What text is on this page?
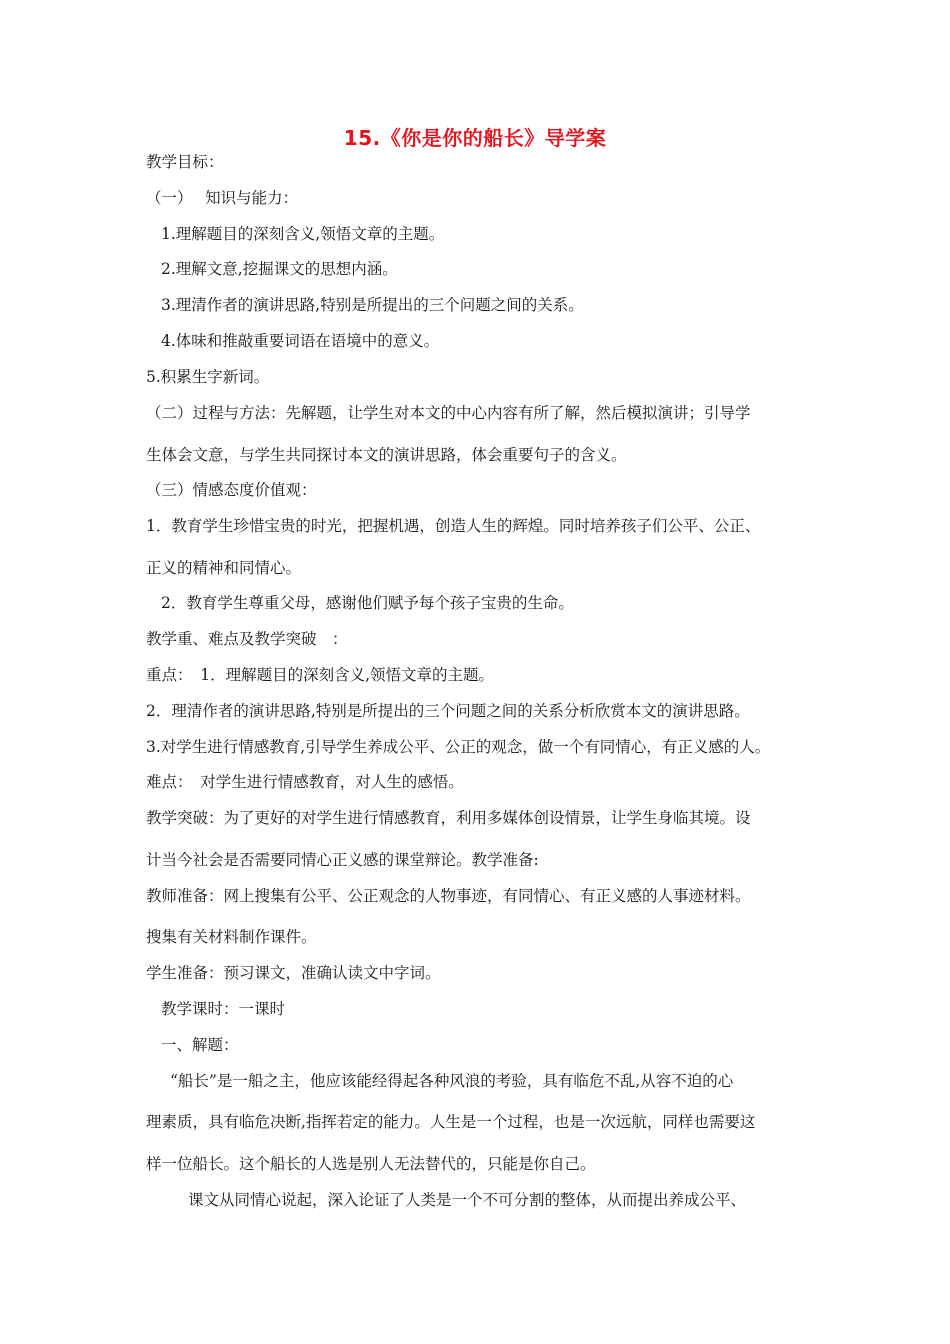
15.《你是你的船长》导学案
教学目标：
（一）　 知识与能力：
1.理解题目的深刻含义,领悟文章的主题。
2.理解文意,挖掘课文的思想内涵。
3.理清作者的演讲思路,特别是所提出的三个问题之间的关系。
4.体味和推敲重要词语在语境中的意义。
5.积累生字新词。
（二）过程与方法：先解题，让学生对本文的中心内容有所了解，然后模拟演讲；引导学
生体会文意，与学生共同探讨本文的演讲思路，体会重要句子的含义。
（三）情感态度价值观：
1．教育学生珍惜宝贵的时光，把握机遇，创造人生的辉煌。同时培养孩子们公平、公正、
正义的精神和同情心。
2．教育学生尊重父母，感谢他们赋予每个孩子宝贵的生命。
教学重、难点及教学突破　：
重点：　1．理解题目的深刻含义,领悟文章的主题。
2．理清作者的演讲思路,特别是所提出的三个问题之间的关系分析欣赏本文的演讲思路。
3.对学生进行情感教育,引导学生养成公平、公正的观念，做一个有同情心，有正义感的人。
难点：　对学生进行情感教育，对人生的感悟。
教学突破：为了更好的对学生进行情感教育，利用多媒体创设情景，让学生身临其境。设
计当今社会是否需要同情心正义感的课堂辩论。教学准备:
教师准备：网上搜集有公平、公正观念的人物事迹，有同情心、有正义感的人事迹材料。
搜集有关材料制作课件。
学生准备：预习课文，准确认读文中字词。
教学课时：一课时
一、解题：
“船长”是一船之主，他应该能经得起各种风浪的考验，具有临危不乱,从容不迫的心
理素质，具有临危决断,指挥若定的能力。人生是一个过程，也是一次远航，同样也需要这
样一位船长。这个船长的人选是别人无法替代的，只能是你自己。
课文从同情心说起，深入论证了人类是一个不可分割的整体，从而提出养成公平、
